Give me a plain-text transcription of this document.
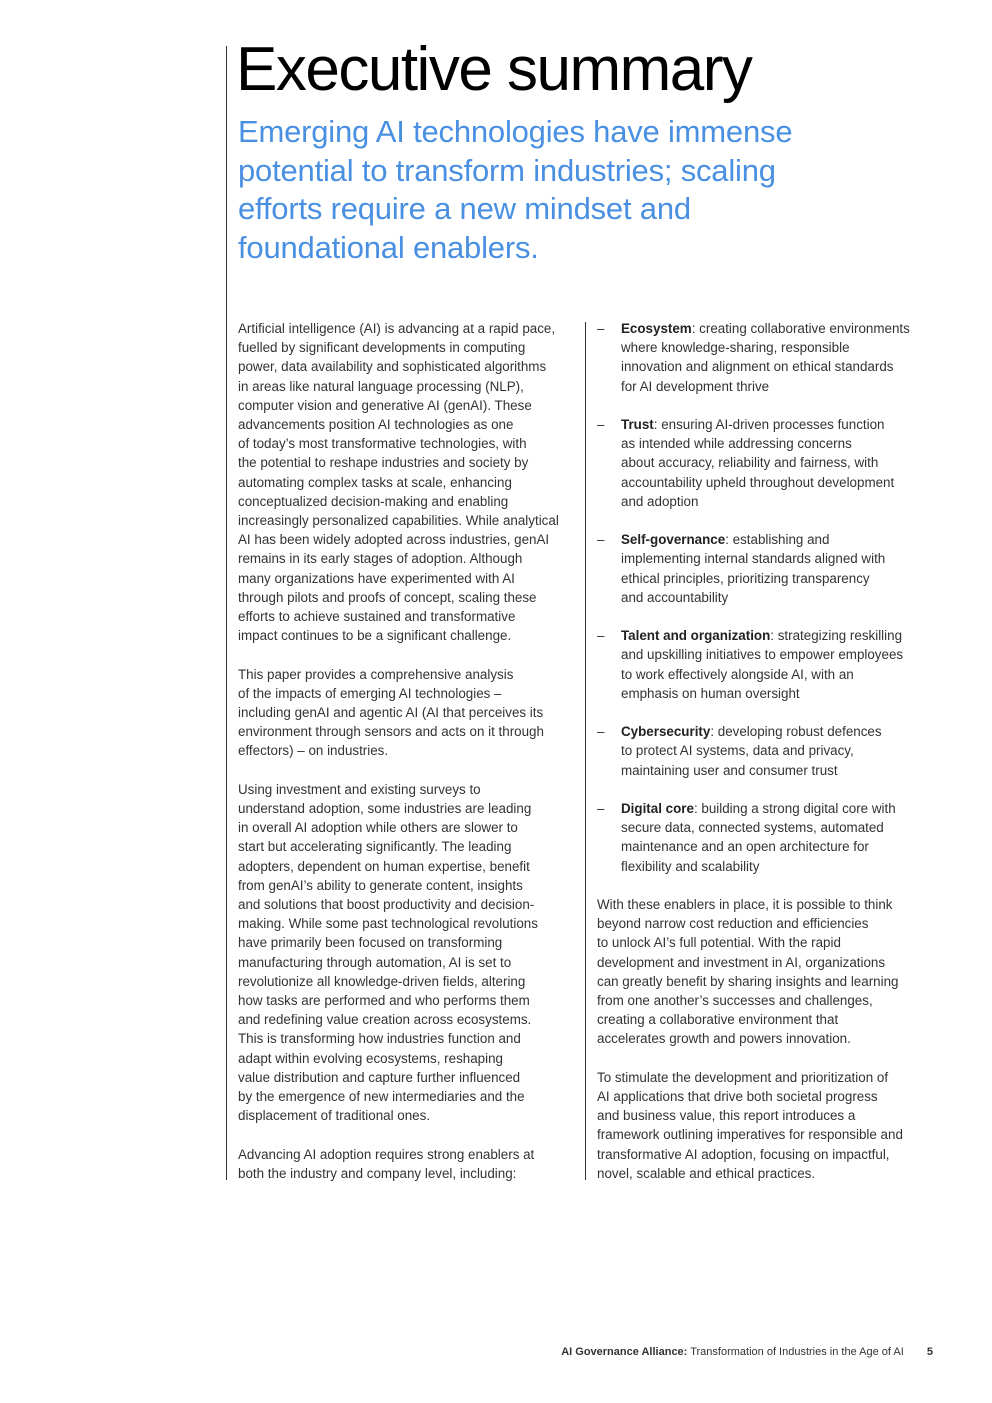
Executive summary
Emerging AI technologies have immense potential to transform industries; scaling efforts require a new mindset and foundational enablers.

Artificial intelligence (AI) is advancing at a rapid pace,
fuelled by significant developments in computing
power, data availability and sophisticated algorithms
in areas like natural language processing (NLP),
computer vision and generative AI (genAI). These
advancements position AI technologies as one
of today’s most transformative technologies, with
the potential to reshape industries and society by
automating complex tasks at scale, enhancing
conceptualized decision-making and enabling
increasingly personalized capabilities. While analytical
AI has been widely adopted across industries, genAI
remains in its early stages of adoption. Although
many organizations have experimented with AI
through pilots and proofs of concept, scaling these
efforts to achieve sustained and transformative
impact continues to be a significant challenge.

This paper provides a comprehensive analysis
of the impacts of emerging AI technologies –
including genAI and agentic AI (AI that perceives its
environment through sensors and acts on it through
effectors) – on industries.

Using investment and existing surveys to
understand adoption, some industries are leading
in overall AI adoption while others are slower to
start but accelerating significantly. The leading
adopters, dependent on human expertise, benefit
from genAI’s ability to generate content, insights
and solutions that boost productivity and decision-
making. While some past technological revolutions
have primarily been focused on transforming
manufacturing through automation, AI is set to
revolutionize all knowledge-driven fields, altering
how tasks are performed and who performs them
and redefining value creation across ecosystems.
This is transforming how industries function and
adapt within evolving ecosystems, reshaping
value distribution and capture further influenced
by the emergence of new intermediaries and the
displacement of traditional ones.

Advancing AI adoption requires strong enablers at
both the industry and company level, including:

– Ecosystem: creating collaborative environments
where knowledge-sharing, responsible
innovation and alignment on ethical standards
for AI development thrive
– Trust: ensuring AI-driven processes function
as intended while addressing concerns
about accuracy, reliability and fairness, with
accountability upheld throughout development
and adoption
– Self-governance: establishing and
implementing internal standards aligned with
ethical principles, prioritizing transparency
and accountability
– Talent and organization: strategizing reskilling
and upskilling initiatives to empower employees
to work effectively alongside AI, with an
emphasis on human oversight
– Cybersecurity: developing robust defences
to protect AI systems, data and privacy,
maintaining user and consumer trust
– Digital core: building a strong digital core with
secure data, connected systems, automated
maintenance and an open architecture for
flexibility and scalability

With these enablers in place, it is possible to think
beyond narrow cost reduction and efficiencies
to unlock AI’s full potential. With the rapid
development and investment in AI, organizations
can greatly benefit by sharing insights and learning
from one another’s successes and challenges,
creating a collaborative environment that
accelerates growth and powers innovation.

To stimulate the development and prioritization of
AI applications that drive both societal progress
and business value, this report introduces a
framework outlining imperatives for responsible and
transformative AI adoption, focusing on impactful,
novel, scalable and ethical practices.

AI Governance Alliance: Transformation of Industries in the Age of AI 5
